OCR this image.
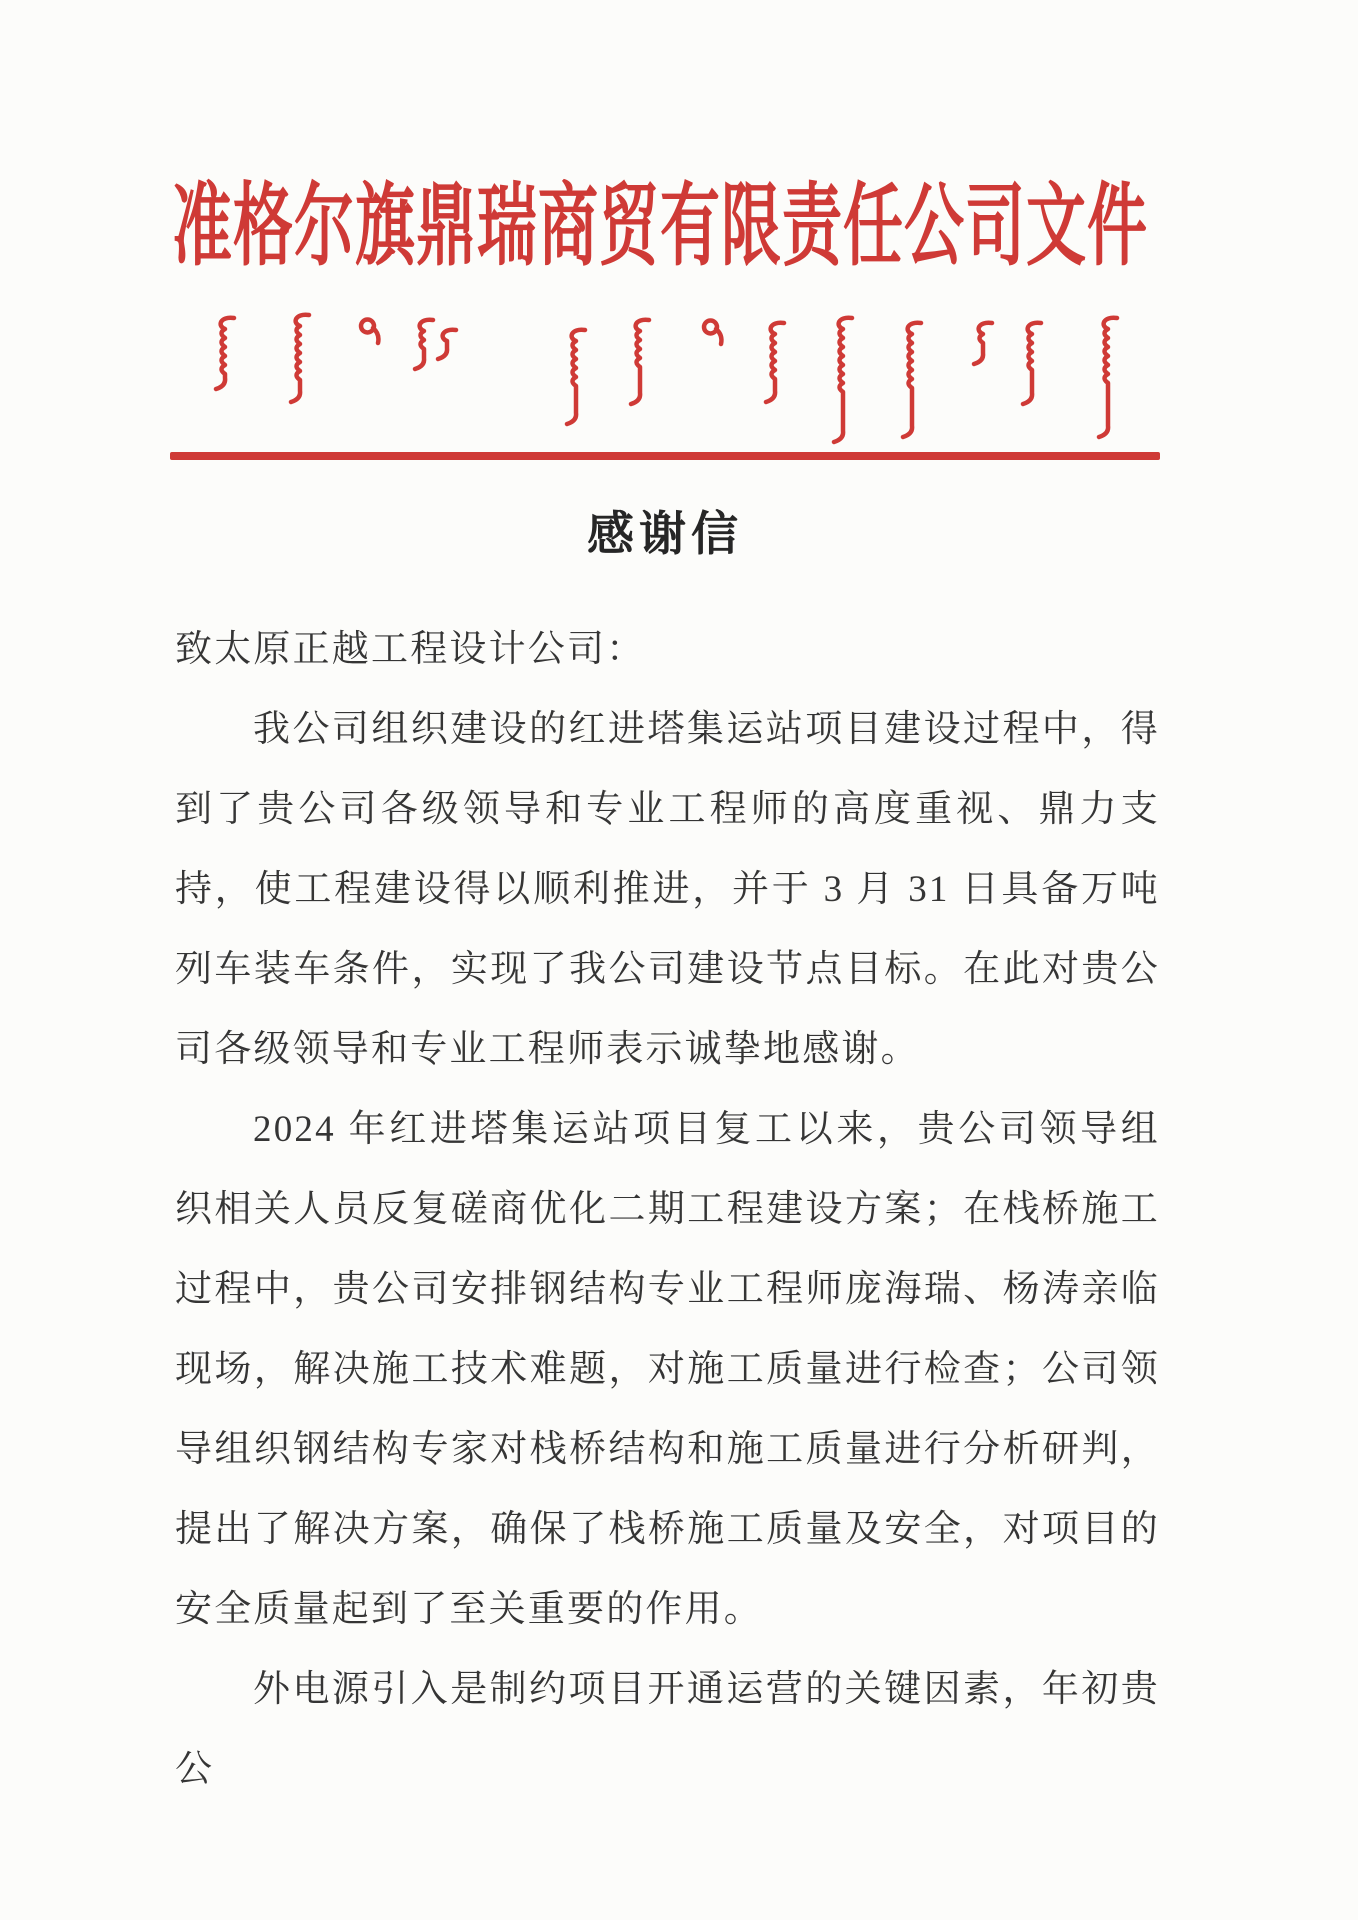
准格尔旗鼎瑞商贸有限责任公司文件
感谢信

致太原正越工程设计公司：

我公司组织建设的红进塔集运站项目建设过程中，得到了贵公司各级领导和专业工程师的高度重视、鼎力支持，使工程建设得以顺利推进，并于 3 月 31 日具备万吨列车装车条件，实现了我公司建设节点目标。在此对贵公司各级领导和专业工程师表示诚挚地感谢。

2024 年红进塔集运站项目复工以来，贵公司领导组织相关人员反复磋商优化二期工程建设方案；在栈桥施工过程中，贵公司安排钢结构专业工程师庞海瑞、杨涛亲临现场，解决施工技术难题，对施工质量进行检查；公司领导组织钢结构专家对栈桥结构和施工质量进行分析研判，提出了解决方案，确保了栈桥施工质量及安全，对项目的安全质量起到了至关重要的作用。

外电源引入是制约项目开通运营的关键因素，年初贵公
